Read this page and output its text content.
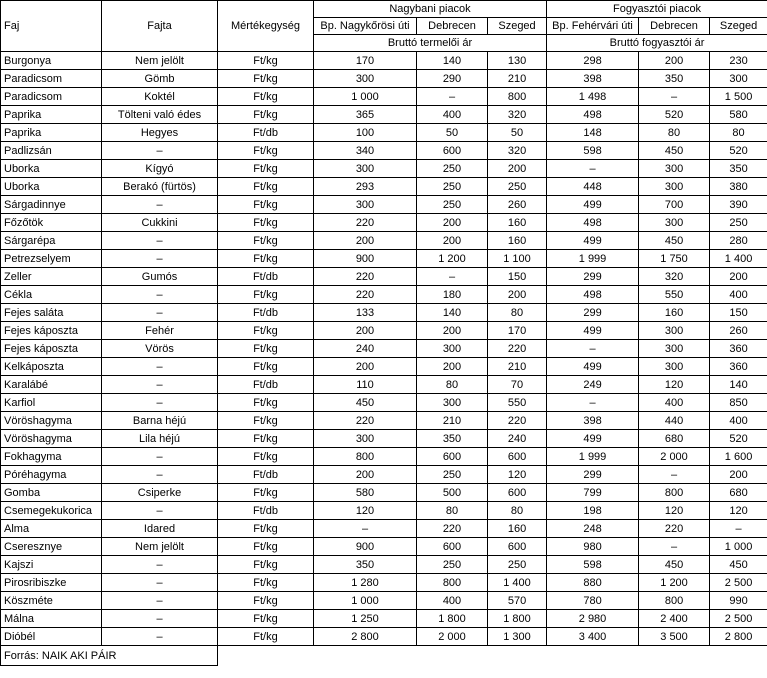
Faj	Fajta	Mértékegység	Nagybani piacok			Fogyasztói piacok		
			Bp. Nagykőrösi úti	Debrecen	Szeged	Bp. Fehérvári úti	Debrecen	Szeged
			Bruttó termelői ár			Bruttó fogyasztói ár		
Burgonya	Nem jelölt	Ft/kg	170	140	130	298	200	230
Paradicsom	Gömb	Ft/kg	300	290	210	398	350	300
Paradicsom	Koktél	Ft/kg	1 000	–	800	1 498	–	1 500
Paprika	Tölteni való édes	Ft/kg	365	400	320	498	520	580
Paprika	Hegyes	Ft/db	100	50	50	148	80	80
Padlizsán	–	Ft/kg	340	600	320	598	450	520
Uborka	Kígyó	Ft/kg	300	250	200	–	300	350
Uborka	Berakó (fürtös)	Ft/kg	293	250	250	448	300	380
Sárgadinnye	–	Ft/kg	300	250	260	499	700	390
Főzőtök	Cukkini	Ft/kg	220	200	160	498	300	250
Sárgarépa	–	Ft/kg	200	200	160	499	450	280
Petrezselyem	–	Ft/kg	900	1 200	1 100	1 999	1 750	1 400
Zeller	Gumós	Ft/db	220	–	150	299	320	200
Cékla	–	Ft/kg	220	180	200	498	550	400
Fejes saláta	–	Ft/db	133	140	80	299	160	150
Fejes káposzta	Fehér	Ft/kg	200	200	170	499	300	260
Fejes káposzta	Vörös	Ft/kg	240	300	220	–	300	360
Kelkáposzta	–	Ft/kg	200	200	210	499	300	360
Karalábé	–	Ft/db	110	80	70	249	120	140
Karfiol	–	Ft/kg	450	300	550	–	400	850
Vöröshagyma	Barna héjú	Ft/kg	220	210	220	398	440	400
Vöröshagyma	Lila héjú	Ft/kg	300	350	240	499	680	520
Fokhagyma	–	Ft/kg	800	600	600	1 999	2 000	1 600
Póréhagyma	–	Ft/db	200	250	120	299	–	200
Gomba	Csiperke	Ft/kg	580	500	600	799	800	680
Csemegekukorica	–	Ft/db	120	80	80	198	120	120
Alma	Idared	Ft/kg	–	220	160	248	220	–
Cseresznye	Nem jelölt	Ft/kg	900	600	600	980	–	1 000
Kajszi	–	Ft/kg	350	250	250	598	450	450
Pirosribiszke	–	Ft/kg	1 280	800	1 400	880	1 200	2 500
Köszméte	–	Ft/kg	1 000	400	570	780	800	990
Málna	–	Ft/kg	1 250	1 800	1 800	2 980	2 400	2 500
Dióbél	–	Ft/kg	2 800	2 000	1 300	3 400	3 500	2 800
Forrás: NAIK AKI PÁIR								
